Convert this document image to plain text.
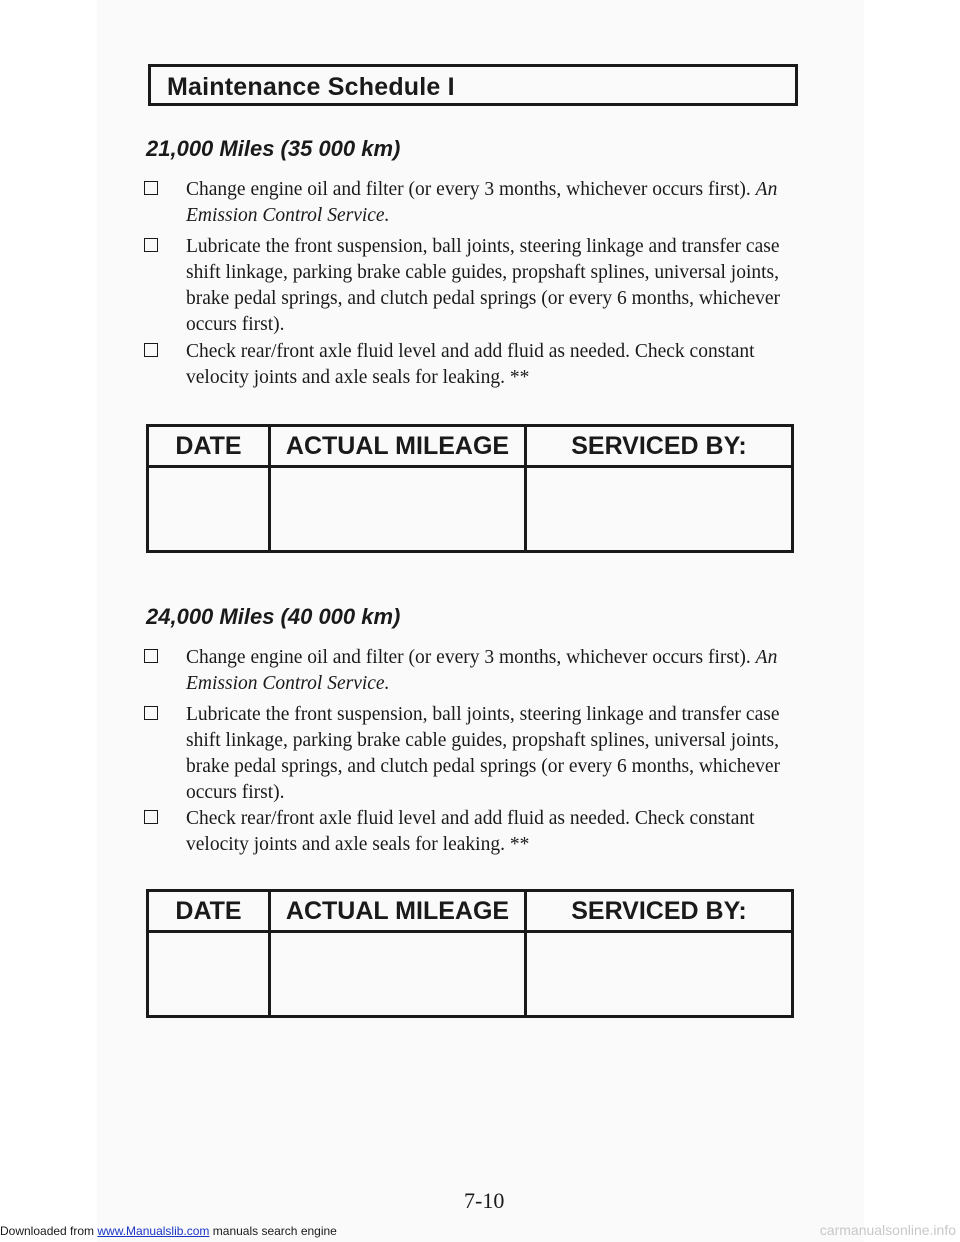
Maintenance Schedule I
21,000 Miles (35 000 km)
Change engine oil and filter (or every 3 months, whichever occurs first). An Emission Control Service.
Lubricate the front suspension, ball joints, steering linkage and transfer case shift linkage, parking brake cable guides, propshaft splines, universal joints, brake pedal springs, and clutch pedal springs (or every 6 months, whichever occurs first).
Check rear/front axle fluid level and add fluid as needed. Check constant velocity joints and axle seals for leaking. **
DATE	ACTUAL MILEAGE	SERVICED BY:

24,000 Miles (40 000 km)
Change engine oil and filter (or every 3 months, whichever occurs first). An Emission Control Service.
Lubricate the front suspension, ball joints, steering linkage and transfer case shift linkage, parking brake cable guides, propshaft splines, universal joints, brake pedal springs, and clutch pedal springs (or every 6 months, whichever occurs first).
Check rear/front axle fluid level and add fluid as needed. Check constant velocity joints and axle seals for leaking. **
DATE	ACTUAL MILEAGE	SERVICED BY:

7-10
Downloaded from www.Manualslib.com manuals search engine	carmanualsonline.info
